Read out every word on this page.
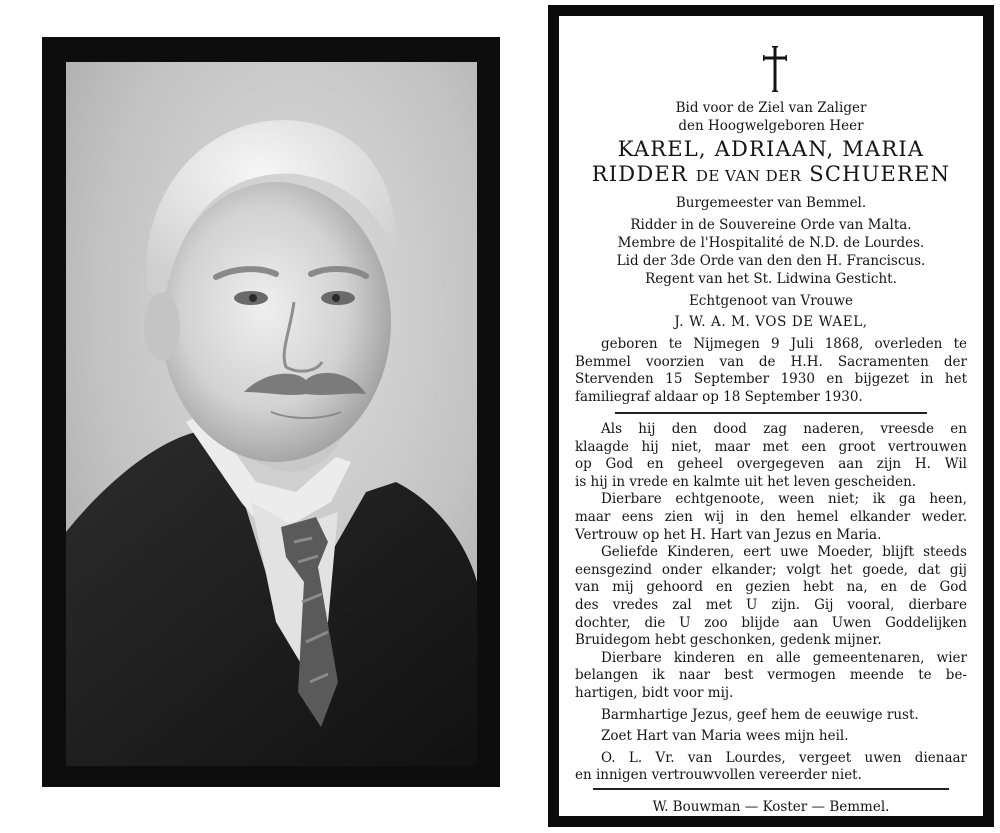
Bid voor de Ziel van Zaliger
den Hoogwelgeboren Heer
KAREL, ADRIAAN, MARIA
RIDDER DE VAN DER SCHUEREN
Burgemeester van Bemmel.
Ridder in de Souvereine Orde van Malta.
Membre de l'Hospitalité de N.D. de Lourdes.
Lid der 3de Orde van den den H. Franciscus.
Regent van het St. Lidwina Gesticht.
Echtgenoot van Vrouwe
J. W. A. M. VOS DE WAEL,
geboren te Nijmegen 9 Juli 1868, overleden te
Bemmel voorzien van de H.H. Sacramenten der
Stervenden 15 September 1930 en bijgezet in het
familiegraf aldaar op 18 September 1930.
Als hij den dood zag naderen, vreesde en
klaagde hij niet, maar met een groot vertrouwen
op God en geheel overgegeven aan zijn H. Wil
is hij in vrede en kalmte uit het leven gescheiden.
Dierbare echtgenoote, ween niet; ik ga heen,
maar eens zien wij in den hemel elkander weder.
Vertrouw op het H. Hart van Jezus en Maria.
Geliefde Kinderen, eert uwe Moeder, blijft steeds
eensgezind onder elkander; volgt het goede, dat gij
van mij gehoord en gezien hebt na, en de God
des vredes zal met U zijn. Gij vooral, dierbare
dochter, die U zoo blijde aan Uwen Goddelijken
Bruidegom hebt geschonken, gedenk mijner.
Dierbare kinderen en alle gemeentenaren, wier
belangen ik naar best vermogen meende te be-
hartigen, bidt voor mij.
Barmhartige Jezus, geef hem de eeuwige rust.
Zoet Hart van Maria wees mijn heil.
O. L. Vr. van Lourdes, vergeet uwen dienaar
en innigen vertrouwvollen vereerder niet.
W. Bouwman — Koster — Bemmel.
